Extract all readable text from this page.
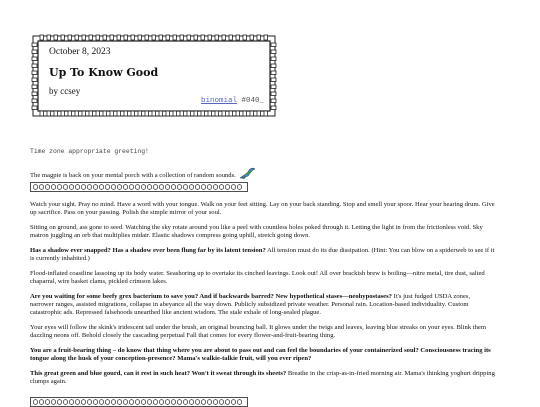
October 8, 2023
Up To Know Good
by ccsey
binomial #040_
Time zone appropriate greeting!
The magpie is back on your mental porch with a collection of random sounds.

Watch your sight. Pray no mind. Have a word with your tongue. Walk on your feet sitting. Lay on your back standing. Stop and smell your spoor. Hear your hearing drum. Give up sacrifice. Pass on your passing. Polish the simple mirror of your soul.

Sitting on ground, ass gone to seed. Watching the sky rotate around you like a peel with countless holes poked through it. Letting the light in from the frictionless void. Sky matron juggling an orb that multiplies midair. Elastic shadows compress going uphill, stretch going down.

Has a shadow ever snapped? Has a shadow ever been flung far by its latent tension? All tension must do its due dissipation. (Hint: You can blow on a spiderweb to see if it is currently inhabited.)

Flood-inflated coastline lassoing up its body water. Seashoring up to overtake its cinched leavings. Look out! All over brackish brew is boiling—nitre metal, tire dust, salted chaparral, wire basket clams, pickled crimson lakes.

Are you waiting for some beefy grex bacterium to save you? And if backwards barred? New hypothetical stases—neohypostases? It's just fudged USDA zones, narrower ranges, assisted migrations, collapse in abeyance all the way down. Publicly subsidized private weather. Personal rain. Location-based individuality. Custom catastrophic ads. Repressed falsehoods unearthed like ancient wisdom. The stale exhale of long-sealed plague.

Your eyes will follow the skink's iridescent tail under the brush, an original bouncing ball. It glows under the twigs and leaves, leaving blue streaks on your eyes. Blink them dazzling neons off. Behold closely the cascading perpetual Fall that comes for every flower-and-fruit-bearing thing.

You are a fruit-bearing thing – do know that thing where you are about to pass out and can feel the boundaries of your containerized soul? Consciousness tracing its tongue along the husk of your conception-presence? Mama's walkie-talkie fruit, will you ever ripen?

This great green and blue gourd, can it rest in such heat? Won't it sweat through its sheets? Breathe in the crisp-as-in-fried morning air. Mama's thinking yoghurt dripping clumps again.
